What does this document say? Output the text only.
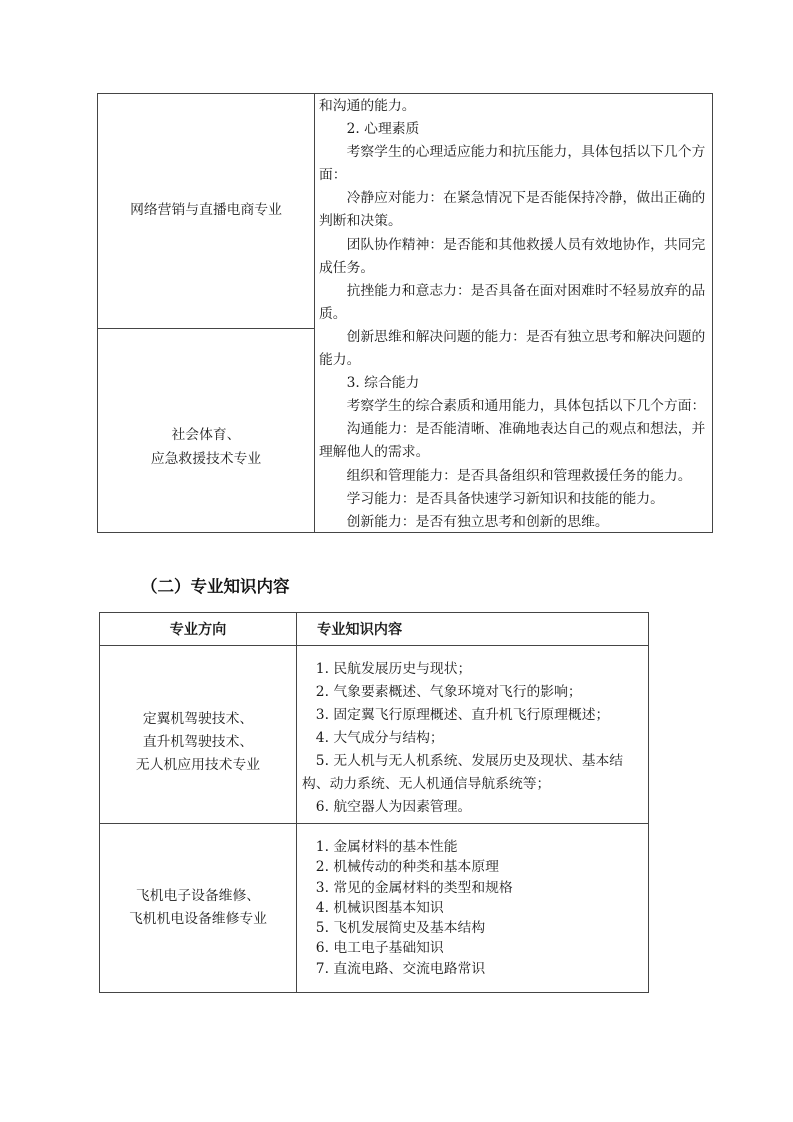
网络营销与直播电商专业
社会体育、
应急救援技术专业

和沟通的能力。

2. 心理素质

考察学生的心理适应能力和抗压能力，具体包括以下几个方面：

冷静应对能力：在紧急情况下是否能保持冷静，做出正确的判断和决策。

团队协作精神：是否能和其他救援人员有效地协作，共同完成任务。

抗挫能力和意志力：是否具备在面对困难时不轻易放弃的品质。

创新思维和解决问题的能力：是否有独立思考和解决问题的能力。

3. 综合能力

考察学生的综合素质和通用能力，具体包括以下几个方面：

沟通能力：是否能清晰、准确地表达自己的观点和想法，并理解他人的需求。

组织和管理能力：是否具备组织和管理救援任务的能力。

学习能力：是否具备快速学习新知识和技能的能力。

创新能力：是否有独立思考和创新的思维。

（二）专业知识内容
专业方向	专业知识内容
定翼机驾驶技术、
直升机驾驶技术、
无人机应用技术专业

1. 民航发展历史与现状；

2. 气象要素概述、气象环境对飞行的影响；

3. 固定翼飞行原理概述、直升机飞行原理概述；

4. 大气成分与结构；

5. 无人机与无人机系统、发展历史及现状、基本结构、动力系统、无人机通信导航系统等；

6. 航空器人为因素管理。

飞机电子设备维修、
飞机机电设备维修专业

1. 金属材料的基本性能

2. 机械传动的种类和基本原理

3. 常见的金属材料的类型和规格

4. 机械识图基本知识

5. 飞机发展简史及基本结构

6. 电工电子基础知识

7. 直流电路、交流电路常识
